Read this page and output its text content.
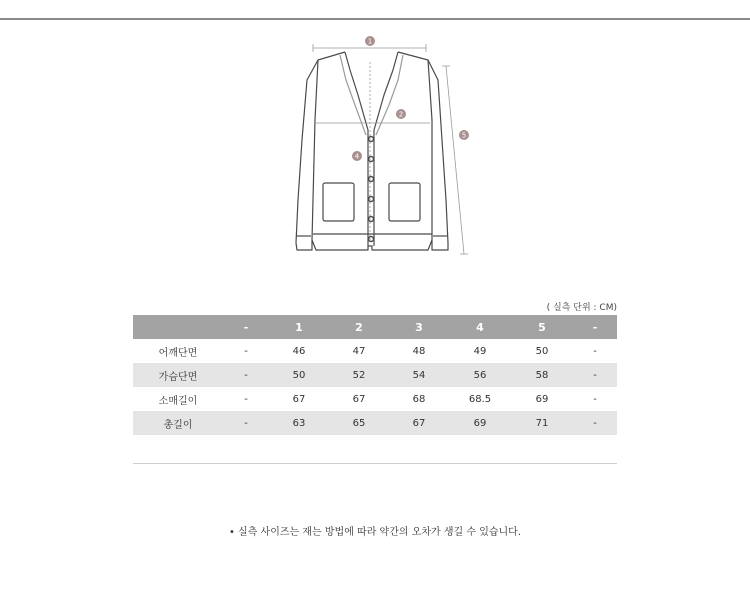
1
2
5
4
( 실측 단위 : CM)
	-	1	2	3	4	5	-
어깨단면	-	46	47	48	49	50	-
가슴단면	-	50	52	54	56	58	-
소매길이	-	67	67	68	68.5	69	-
총길이	-	63	65	67	69	71	-
• 실측 사이즈는 재는 방법에 따라 약간의 오차가 생길 수 있습니다.
